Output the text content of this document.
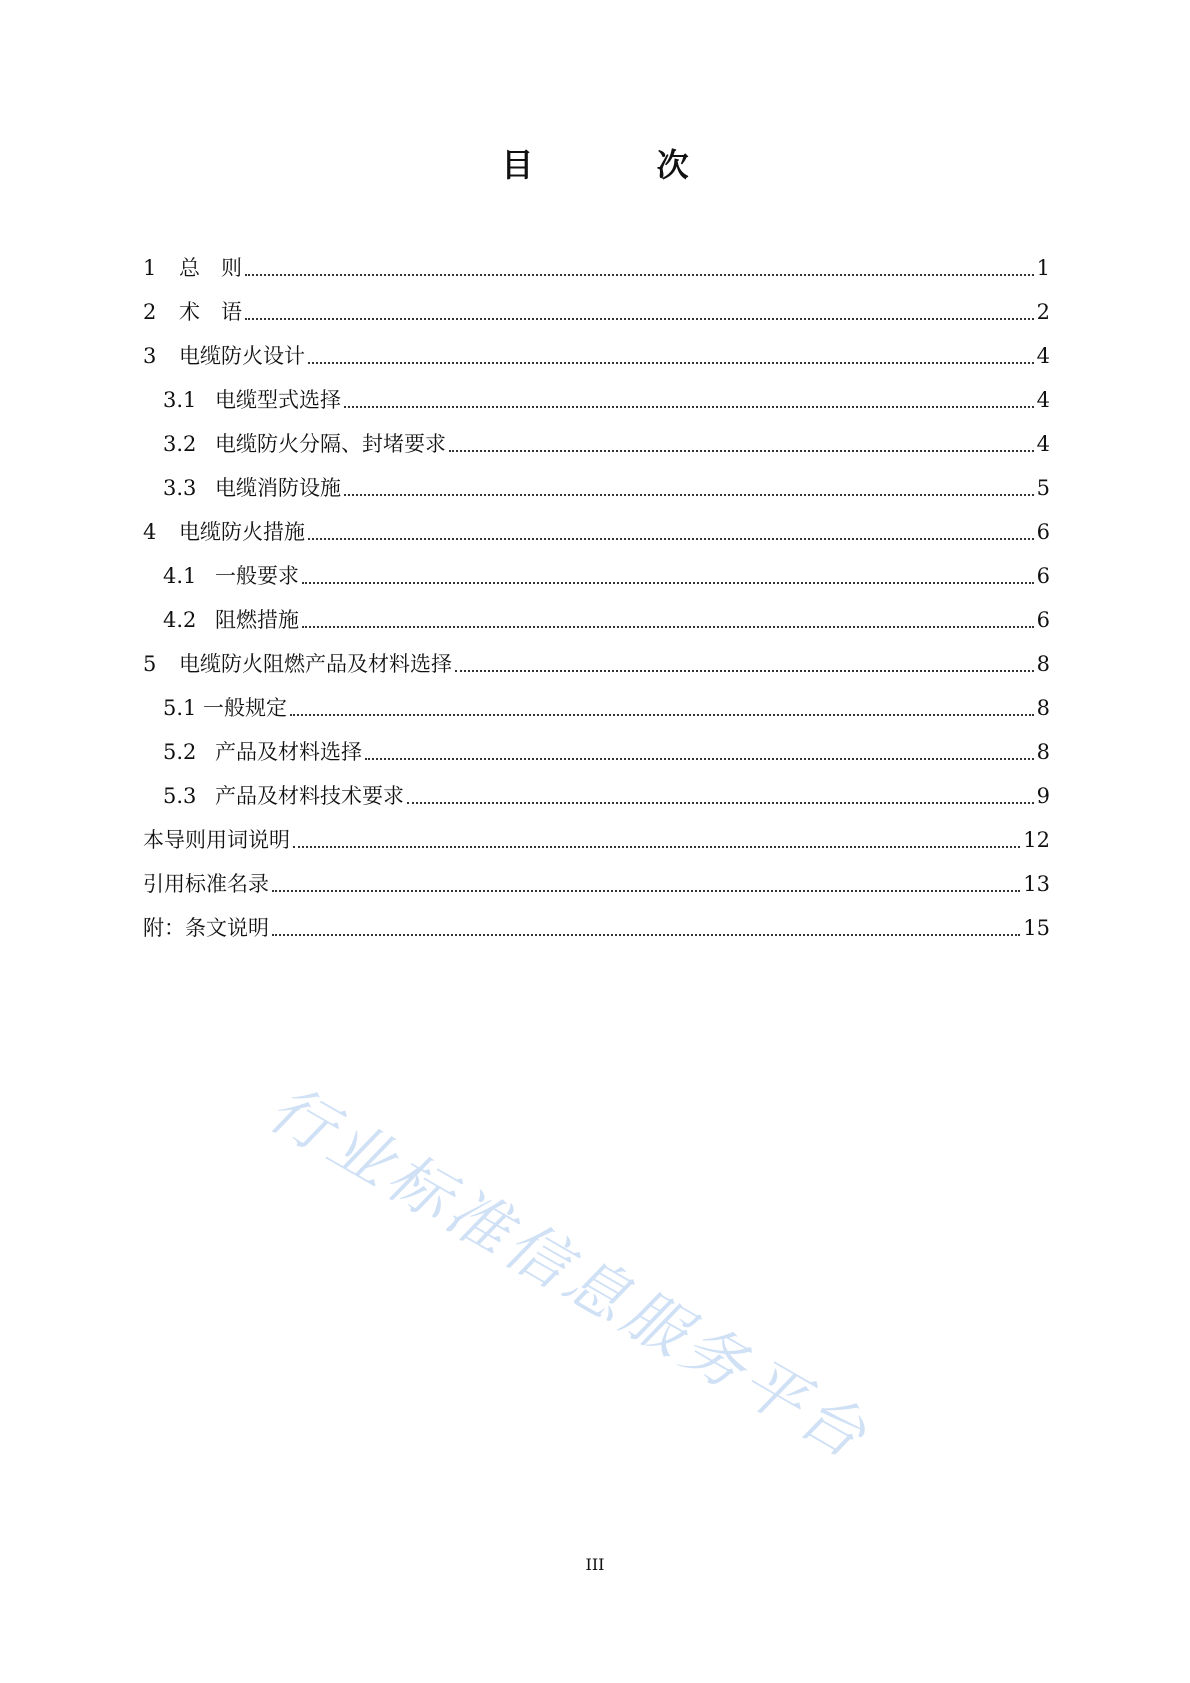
目 次
1 总　则	1
2 术　语	2
3 电缆防火设计	4
3.1 电缆型式选择	4
3.2 电缆防火分隔、封堵要求	4
3.3 电缆消防设施	5
4 电缆防火措施	6
4.1 一般要求	6
4.2 阻燃措施	6
5 电缆防火阻燃产品及材料选择	8
5.1 一般规定	8
5.2 产品及材料选择	8
5.3 产品及材料技术要求	9
本导则用词说明	12
引用标准名录	13
附：条文说明	15
行业标准信息服务平台
III
